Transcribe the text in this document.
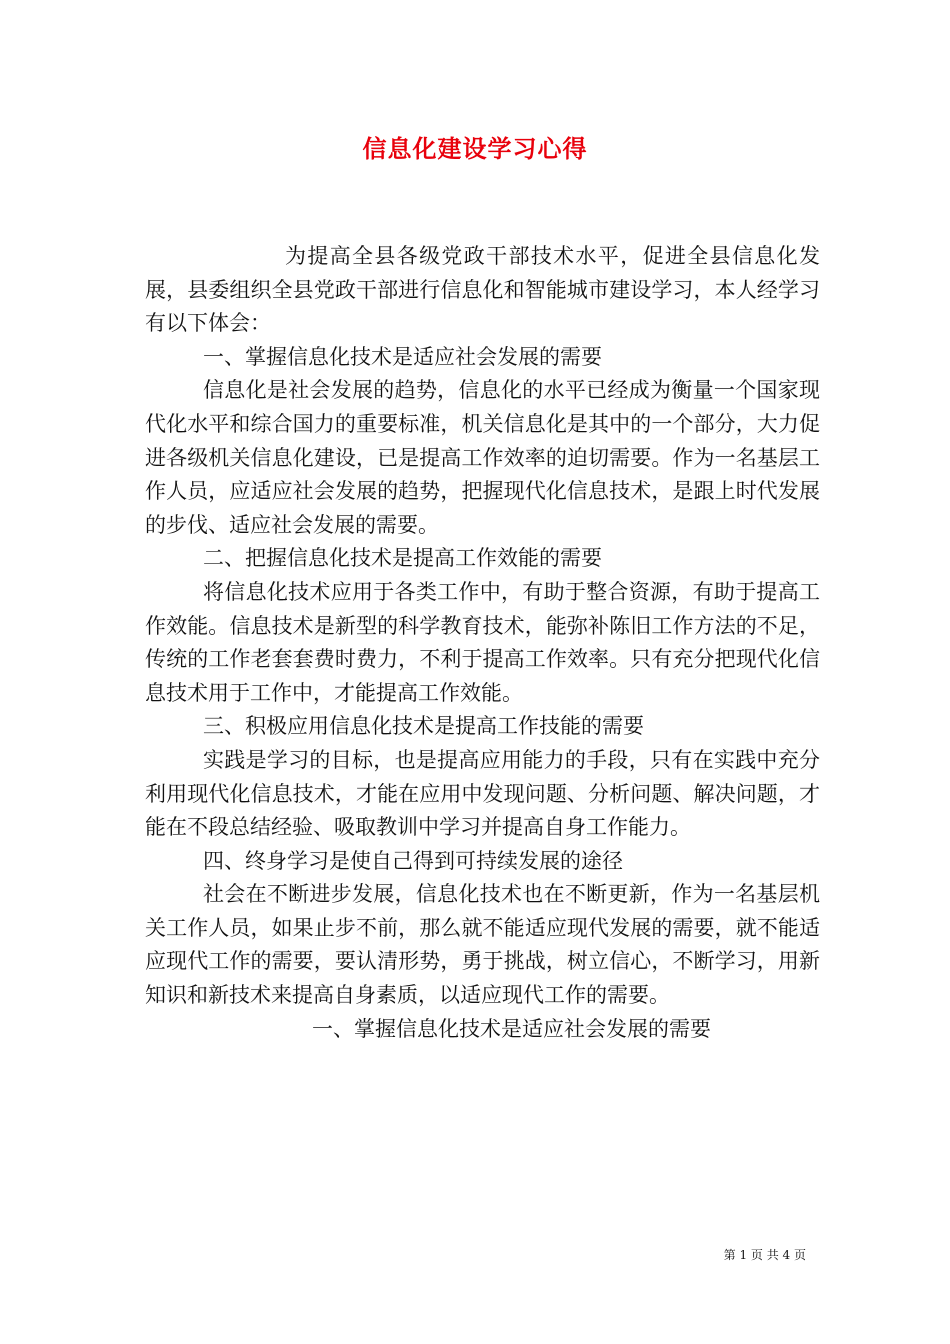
信息化建设学习心得

为提高全县各级党政干部技术水平，促进全县信息化发展，县委组织全县党政干部进行信息化和智能城市建设学习，本人经学习有以下体会：

一、掌握信息化技术是适应社会发展的需要

信息化是社会发展的趋势，信息化的水平已经成为衡量一个国家现代化水平和综合国力的重要标准，机关信息化是其中的一个部分，大力促进各级机关信息化建设，已是提高工作效率的迫切需要。作为一名基层工作人员，应适应社会发展的趋势，把握现代化信息技术，是跟上时代发展的步伐、适应社会发展的需要。

二、把握信息化技术是提高工作效能的需要

将信息化技术应用于各类工作中，有助于整合资源，有助于提高工作效能。信息技术是新型的科学教育技术，能弥补陈旧工作方法的不足，传统的工作老套套费时费力，不利于提高工作效率。只有充分把现代化信息技术用于工作中，才能提高工作效能。

三、积极应用信息化技术是提高工作技能的需要

实践是学习的目标，也是提高应用能力的手段，只有在实践中充分利用现代化信息技术，才能在应用中发现问题、分析问题、解决问题，才能在不段总结经验、吸取教训中学习并提高自身工作能力。

四、终身学习是使自己得到可持续发展的途径

社会在不断进步发展，信息化技术也在不断更新，作为一名基层机关工作人员，如果止步不前，那么就不能适应现代发展的需要，就不能适应现代工作的需要，要认清形势，勇于挑战，树立信心，不断学习，用新知识和新技术来提高自身素质，以适应现代工作的需要。

一、掌握信息化技术是适应社会发展的需要

第 1 页 共 4 页
